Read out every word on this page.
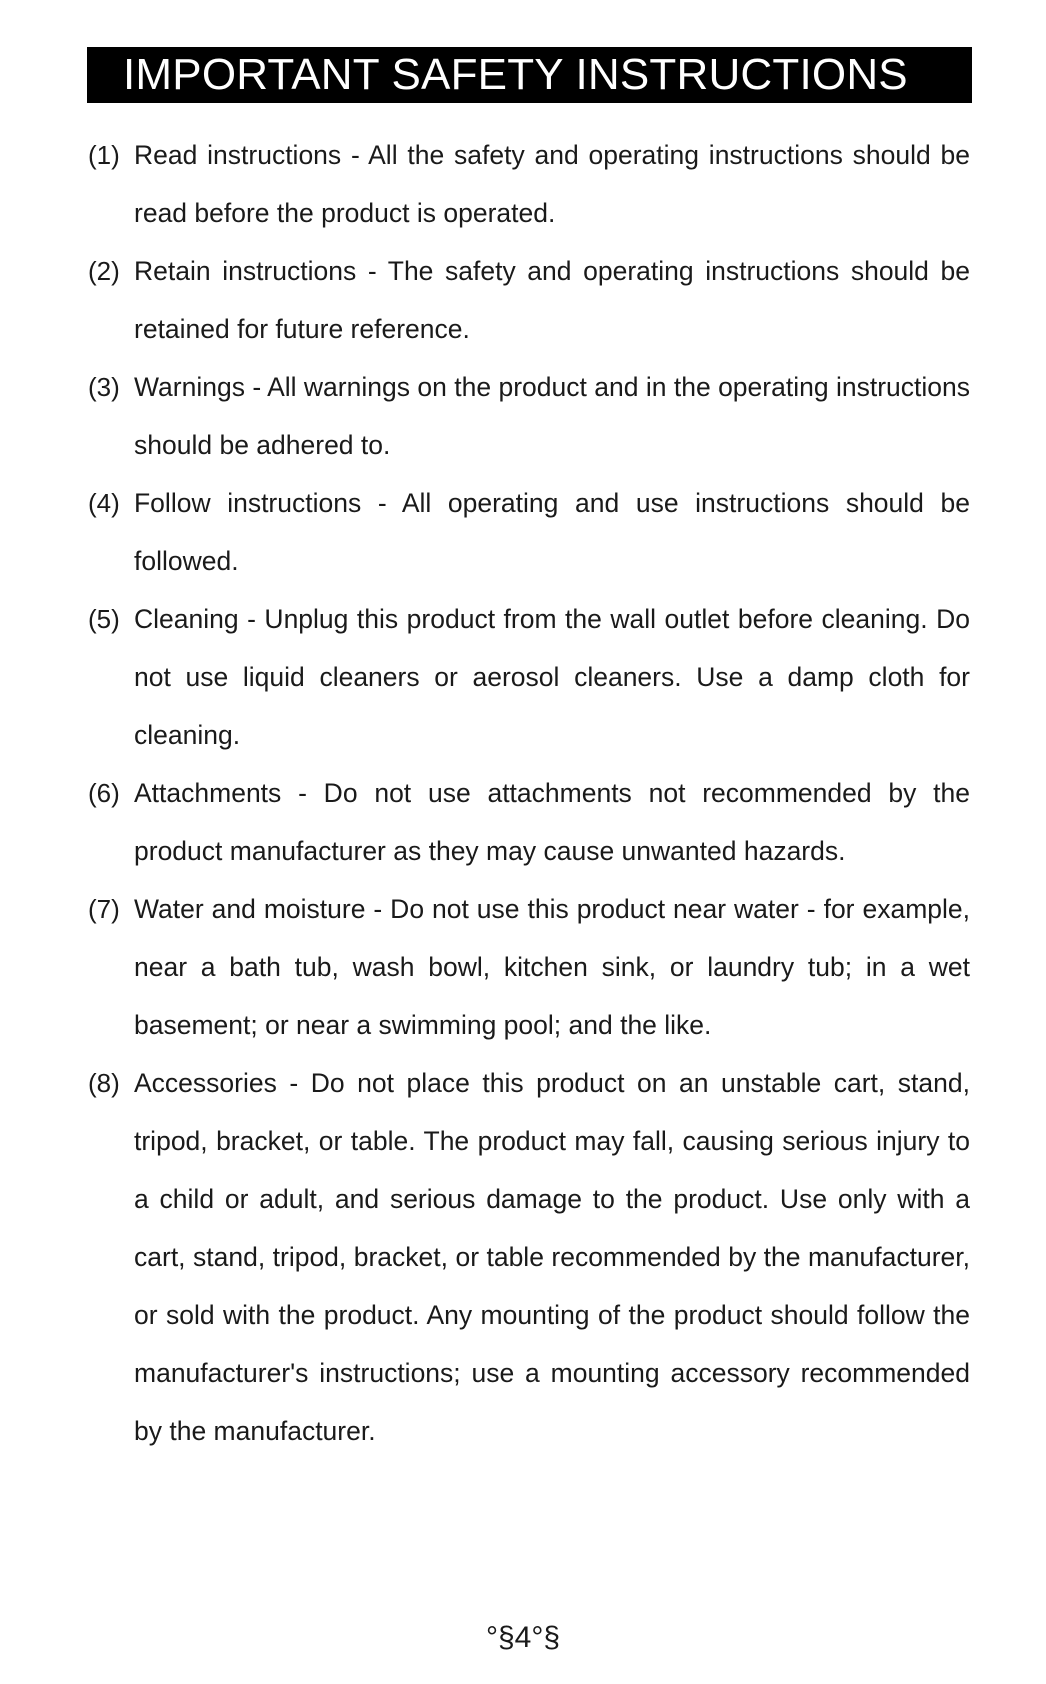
IMPORTANT SAFETY INSTRUCTIONS
(1) Read instructions - All the safety and operating instructions should be read before the product is operated.
(2) Retain instructions - The safety and operating instructions should be retained for future reference.
(3) Warnings - All warnings on the product and in the operating instructions should be adhered to.
(4) Follow instructions - All operating and use instructions should be followed.
(5) Cleaning - Unplug this product from the wall outlet before cleaning. Do not use liquid cleaners or aerosol cleaners. Use a damp cloth for cleaning.
(6) Attachments - Do not use attachments not recommended by the product manufacturer as they may cause unwanted hazards.
(7) Water and moisture - Do not use this product near water - for example, near a bath tub, wash bowl, kitchen sink, or laundry tub; in a wet basement; or near a swimming pool; and the like.
(8) Accessories - Do not place this product on an unstable cart, stand, tripod, bracket, or table. The product may fall, causing serious injury to a child or adult, and serious damage to the product. Use only with a cart, stand, tripod, bracket, or table recommended by the manufacturer, or sold with the product. Any mounting of the product should follow the manufacturer's instructions; use a mounting accessory recommended by the manufacturer.
°§4°§
